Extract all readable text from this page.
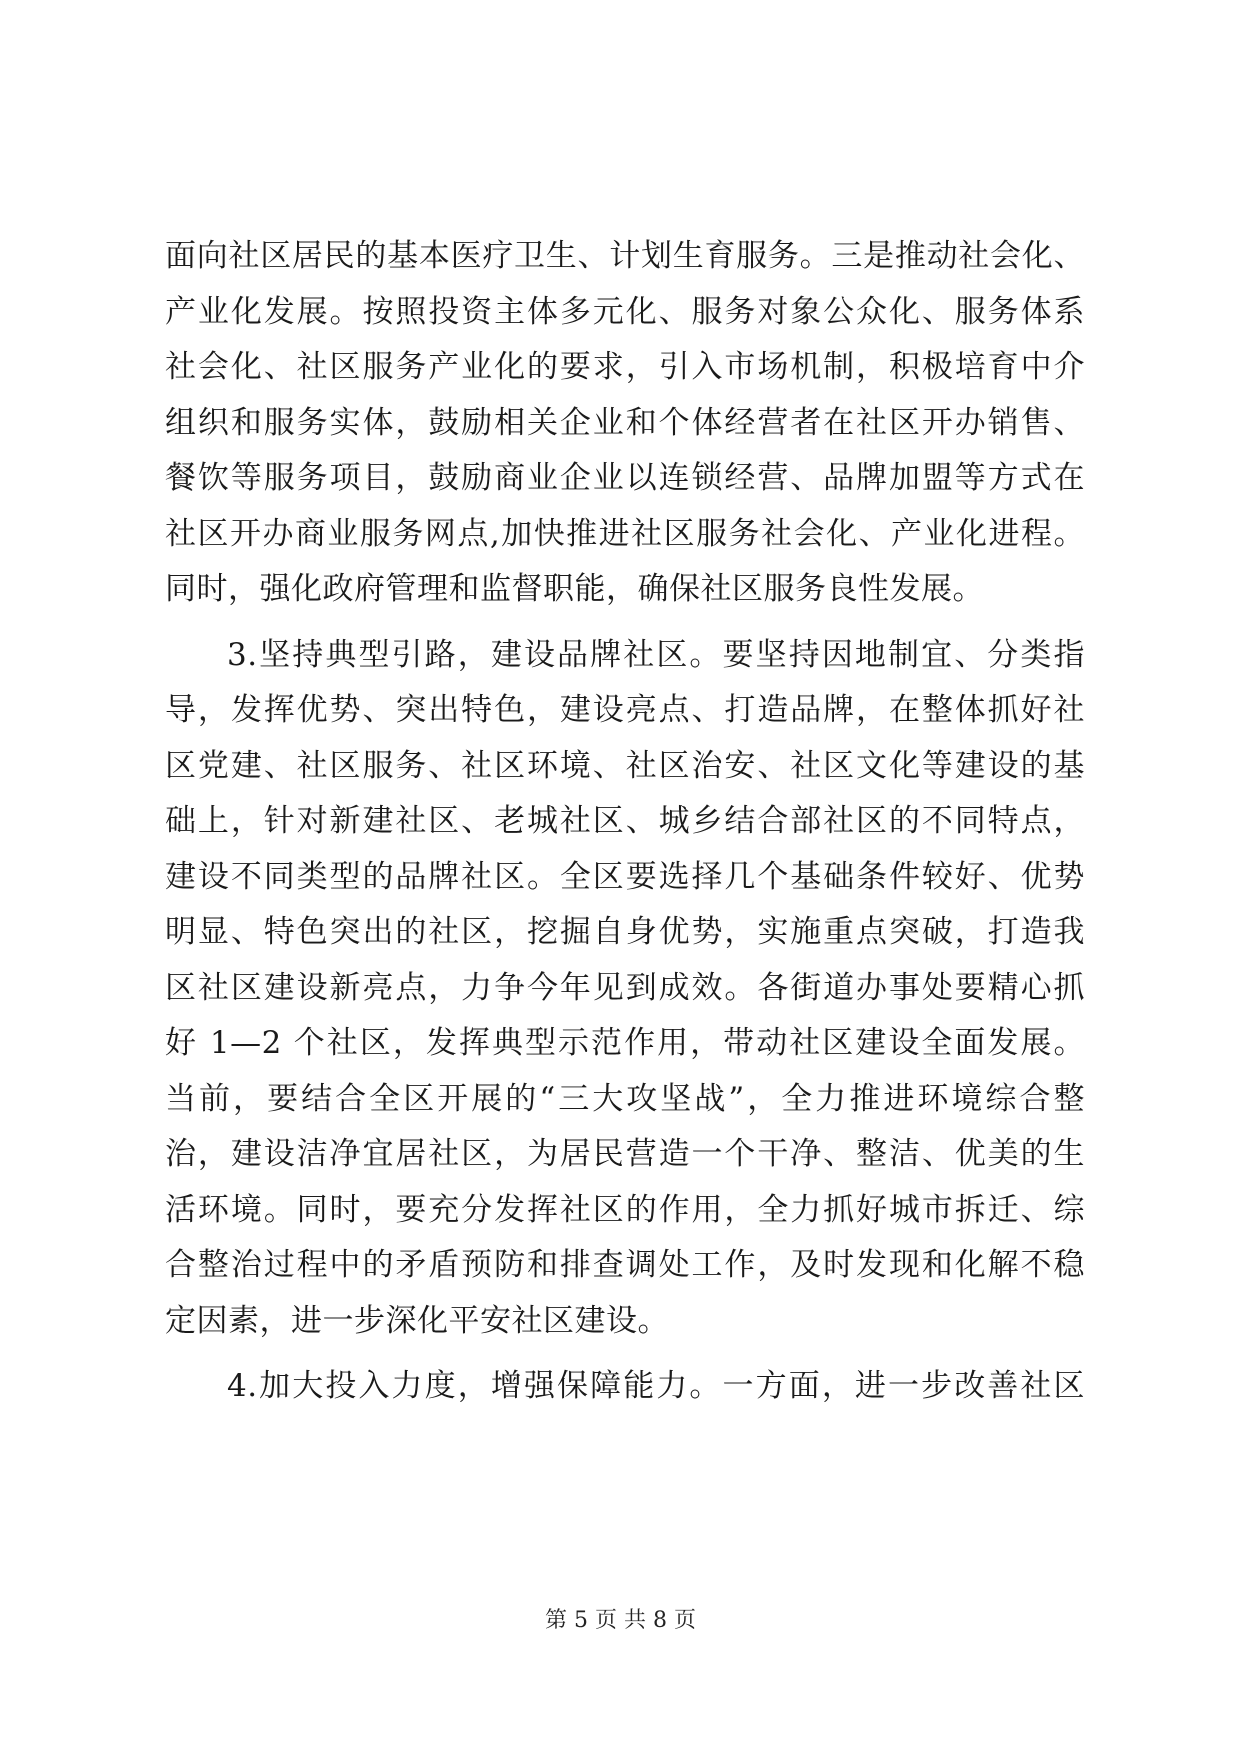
面向社区居民的基本医疗卫生、计划生育服务。三是推动社会化、
产业化发展。按照投资主体多元化、服务对象公众化、服务体系
社会化、社区服务产业化的要求，引入市场机制，积极培育中介
组织和服务实体，鼓励相关企业和个体经营者在社区开办销售、
餐饮等服务项目，鼓励商业企业以连锁经营、品牌加盟等方式在
社区开办商业服务网点,加快推进社区服务社会化、产业化进程。
同时，强化政府管理和监督职能，确保社区服务良性发展。
3.坚持典型引路，建设品牌社区。要坚持因地制宜、分类指
导，发挥优势、突出特色，建设亮点、打造品牌，在整体抓好社
区党建、社区服务、社区环境、社区治安、社区文化等建设的基
础上，针对新建社区、老城社区、城乡结合部社区的不同特点，
建设不同类型的品牌社区。全区要选择几个基础条件较好、优势
明显、特色突出的社区，挖掘自身优势，实施重点突破，打造我
区社区建设新亮点，力争今年见到成效。各街道办事处要精心抓
好 1—2 个社区，发挥典型示范作用，带动社区建设全面发展。
当前，要结合全区开展的“三大攻坚战”，全力推进环境综合整
治，建设洁净宜居社区，为居民营造一个干净、整洁、优美的生
活环境。同时，要充分发挥社区的作用，全力抓好城市拆迁、综
合整治过程中的矛盾预防和排查调处工作，及时发现和化解不稳
定因素，进一步深化平安社区建设。
4.加大投入力度，增强保障能力。一方面，进一步改善社区
第 5 页 共 8 页
